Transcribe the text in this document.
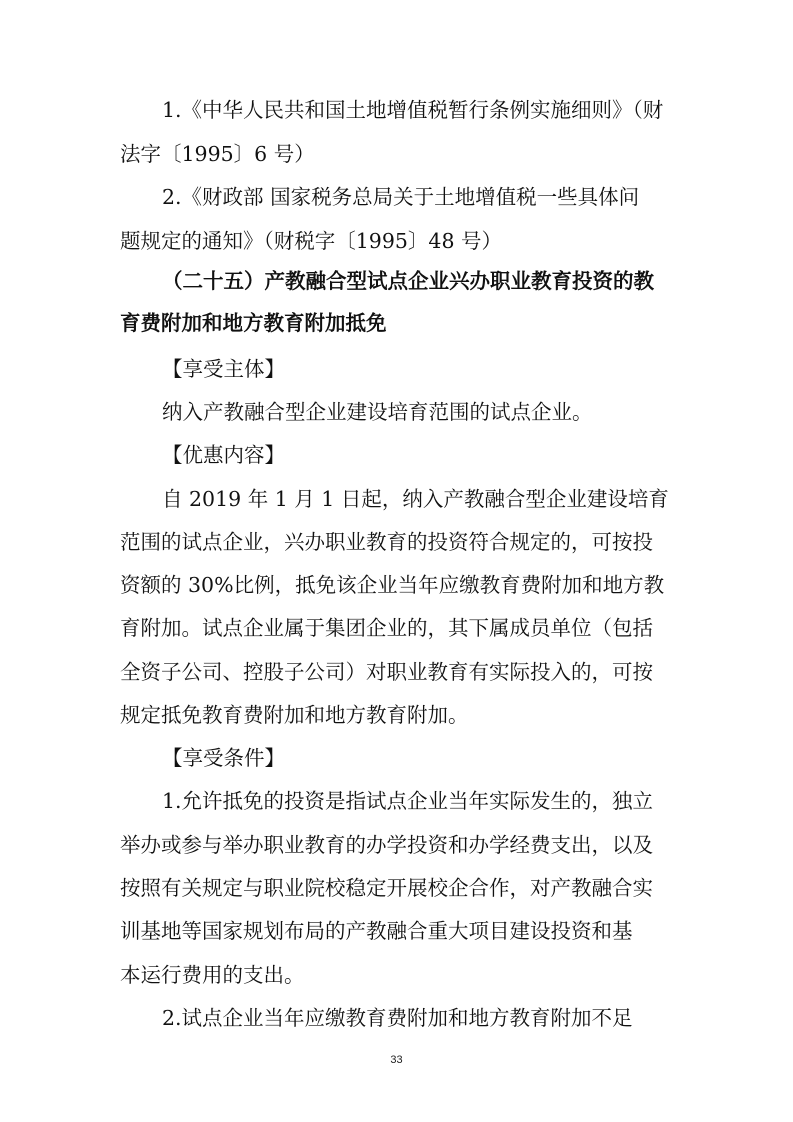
1.《中华人民共和国土地增值税暂行条例实施细则》（财
法字〔1995〕6 号）
2.《财政部 国家税务总局关于土地增值税一些具体问
题规定的通知》（财税字〔1995〕48 号）
（二十五）产教融合型试点企业兴办职业教育投资的教
育费附加和地方教育附加抵免
【享受主体】
纳入产教融合型企业建设培育范围的试点企业。
【优惠内容】
自 2019 年 1 月 1 日起，纳入产教融合型企业建设培育
范围的试点企业，兴办职业教育的投资符合规定的，可按投
资额的 30%比例，抵免该企业当年应缴教育费附加和地方教
育附加。试点企业属于集团企业的，其下属成员单位（包括
全资子公司、控股子公司）对职业教育有实际投入的，可按
规定抵免教育费附加和地方教育附加。
【享受条件】
1.允许抵免的投资是指试点企业当年实际发生的，独立
举办或参与举办职业教育的办学投资和办学经费支出，以及
按照有关规定与职业院校稳定开展校企合作，对产教融合实
训基地等国家规划布局的产教融合重大项目建设投资和基
本运行费用的支出。
2.试点企业当年应缴教育费附加和地方教育附加不足
33
